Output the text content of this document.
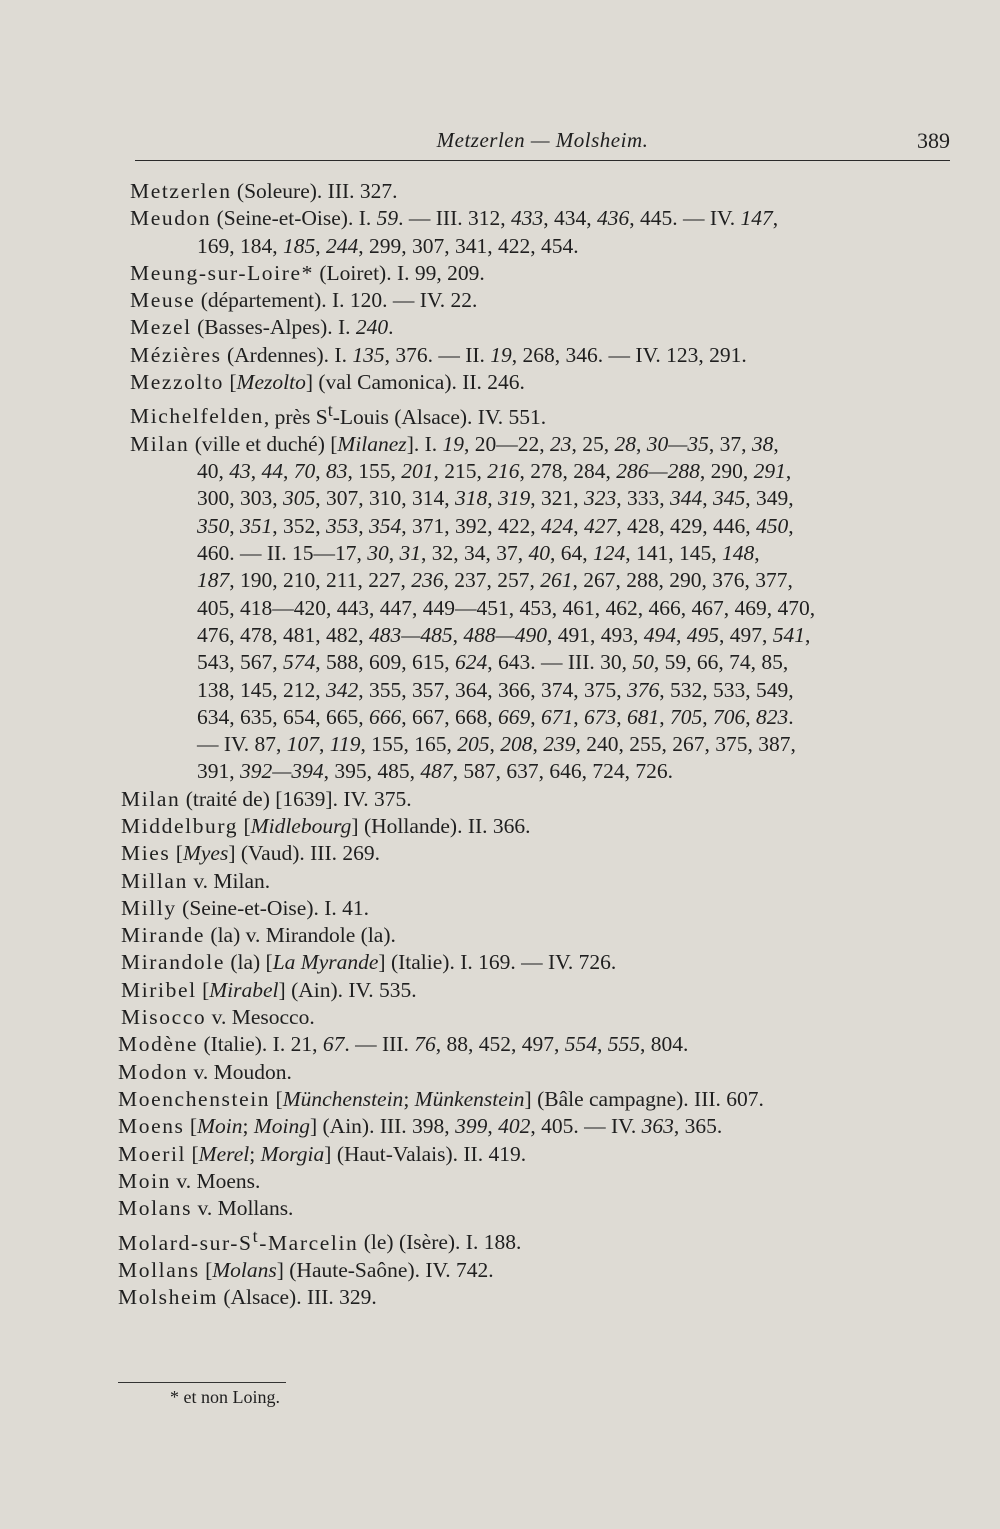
Metzerlen — Molsheim.	389
Metzerlen (Soleure). III. 327.
Meudon (Seine-et-Oise). I. 59. — III. 312, 433, 434, 436, 445. — IV. 147,
169, 184, 185, 244, 299, 307, 341, 422, 454.
Meung-sur-Loire* (Loiret). I. 99, 209.
Meuse (département). I. 120. — IV. 22.
Mezel (Basses-Alpes). I. 240.
Mézières (Ardennes). I. 135, 376. — II. 19, 268, 346. — IV. 123, 291.
Mezzolto [Mezolto] (val Camonica). II. 246.
Michelfelden, près $S^t$-Louis (Alsace). IV. 551.
Milan (ville et duché) [Milanez]. I. 19, 20—22, 23, 25, 28, 30—35, 37, 38,
40, 43, 44, 70, 83, 155, 201, 215, 216, 278, 284, 286—288, 290, 291,
300, 303, 305, 307, 310, 314, 318, 319, 321, 323, 333, 344, 345, 349,
350, 351, 352, 353, 354, 371, 392, 422, 424, 427, 428, 429, 446, 450,
460. — II. 15—17, 30, 31, 32, 34, 37, 40, 64, 124, 141, 145, 148,
187, 190, 210, 211, 227, 236, 237, 257, 261, 267, 288, 290, 376, 377,
405, 418—420, 443, 447, 449—451, 453, 461, 462, 466, 467, 469, 470,
476, 478, 481, 482, 483—485, 488—490, 491, 493, 494, 495, 497, 541,
543, 567, 574, 588, 609, 615, 624, 643. — III. 30, 50, 59, 66, 74, 85,
138, 145, 212, 342, 355, 357, 364, 366, 374, 375, 376, 532, 533, 549,
634, 635, 654, 665, 666, 667, 668, 669, 671, 673, 681, 705, 706, 823.
— IV. 87, 107, 119, 155, 165, 205, 208, 239, 240, 255, 267, 375, 387,
391, 392—394, 395, 485, 487, 587, 637, 646, 724, 726.
Milan (traité de) [1639]. IV. 375.
Middelburg [Midlebourg] (Hollande). II. 366.
Mies [Myes] (Vaud). III. 269.
Millan v. Milan.
Milly (Seine-et-Oise). I. 41.
Mirande (la) v. Mirandole (la).
Mirandole (la) [La Myrande] (Italie). I. 169. — IV. 726.
Miribel [Mirabel] (Ain). IV. 535.
Misocco v. Mesocco.
Modène (Italie). I. 21, 67. — III. 76, 88, 452, 497, 554, 555, 804.
Modon v. Moudon.
Moenchenstein [Münchenstein; Münkenstein] (Bâle campagne). III. 607.
Moens [Moin; Moing] (Ain). III. 398, 399, 402, 405. — IV. 363, 365.
Moeril [Merel; Morgia] (Haut-Valais). II. 419.
Moin v. Moens.
Molans v. Mollans.
Molard-$sur-S^t$-Marcelin (le) (Isère). I. 188.
Mollans [Molans] (Haute-Saône). IV. 742.
Molsheim (Alsace). III. 329.
* et non Loing.
